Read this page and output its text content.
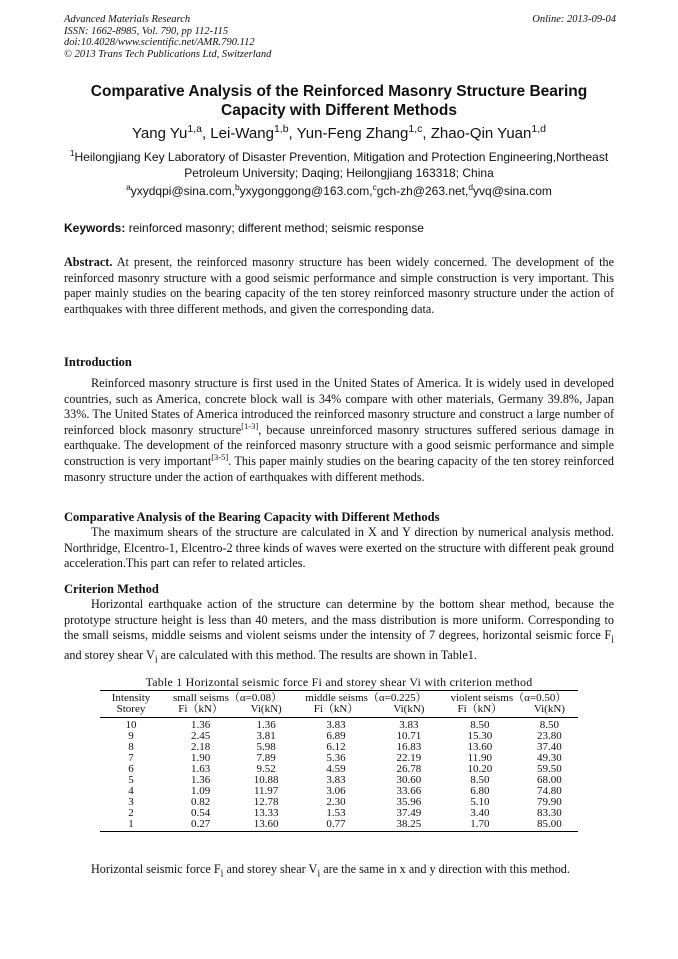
Advanced Materials Research
ISSN: 1662-8985, Vol. 790, pp 112-115
doi:10.4028/www.scientific.net/AMR.790.112
© 2013 Trans Tech Publications Ltd, Switzerland
Online: 2013-09-04
Comparative Analysis of the Reinforced Masonry Structure Bearing Capacity with Different Methods
Yang Yu$^{1,a}$, Lei-Wang$^{1,b}$, Yun-Feng Zhang$^{1,c}$, Zhao-Qin Yuan$^{1,d}$
$^1$Heilongjiang Key Laboratory of Disaster Prevention, Mitigation and Protection Engineering,Northeast Petroleum University; Daqing; Heilongjiang 163318; China
$^a$yxydqpi@sina.com,$^b$yxygonggong@163.com,$^c$gch-zh@263.net,$^d$yvq@sina.com
Keywords: reinforced masonry; different method; seismic response
Abstract. At present, the reinforced masonry structure has been widely concerned. The development of the reinforced masonry structure with a good seismic performance and simple construction is very important. This paper mainly studies on the bearing capacity of the ten storey reinforced masonry structure under the action of earthquakes with three different methods, and given the corresponding data.
Introduction
Reinforced masonry structure is first used in the United States of America. It is widely used in developed countries, such as America, concrete block wall is 34% compare with other materials, Germany 39.8%, Japan 33%. The United States of America introduced the reinforced masonry structure and construct a large number of reinforced block masonry structure[1-3], because unreinforced masonry structures suffered serious damage in earthquake. The development of the reinforced masonry structure with a good seismic performance and simple construction is very important[3-5]. This paper mainly studies on the bearing capacity of the ten storey reinforced masonry structure under the action of earthquakes with different methods.
Comparative Analysis of the Bearing Capacity with Different Methods
The maximum shears of the structure are calculated in X and Y direction by numerical analysis method. Northridge, Elcentro-1, Elcentro-2 three kinds of waves were exerted on the structure with different peak ground acceleration.This part can refer to related articles.
Criterion Method
Horizontal earthquake action of the structure can determine by the bottom shear method, because the prototype structure height is less than 40 meters, and the mass distribution is more uniform. Corresponding to the small seisms, middle seisms and violent seisms under the intensity of 7 degrees, horizontal seismic force $F_i$ and storey shear $V_i$ are calculated with this method. The results are shown in Table1.
Table 1 Horizontal seismic force Fi and storey shear Vi with criterion method
Intensity	small seisms（α=0.08）		middle seisms（α=0.225）		violent seisms（α=0.50）	
Storey	Fi（kN）	Vi(kN)	Fi（kN）	Vi(kN)	Fi（kN）	Vi(kN)
10	1.36	1.36	3.83	3.83	8.50	8.50
9	2.45	3.81	6.89	10.71	15.30	23.80
8	2.18	5.98	6.12	16.83	13.60	37.40
7	1.90	7.89	5.36	22.19	11.90	49.30
6	1.63	9.52	4.59	26.78	10.20	59.50
5	1.36	10.88	3.83	30.60	8.50	68.00
4	1.09	11.97	3.06	33.66	6.80	74.80
3	0.82	12.78	2.30	35.96	5.10	79.90
2	0.54	13.33	1.53	37.49	3.40	83.30
1	0.27	13.60	0.77	38.25	1.70	85.00
Horizontal seismic force $F_i$ and storey shear $V_i$ are the same in x and y direction with this method.
